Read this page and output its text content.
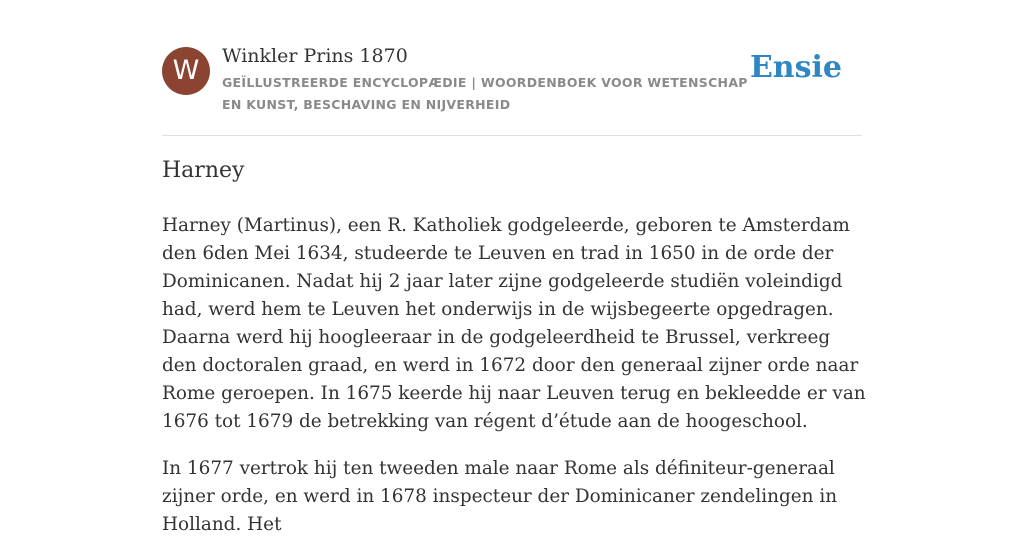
W	Winkler Prins 1870
GEÏLLUSTREERDE ENCYCLOPÆDIE | WOORDENBOEK VOOR WETENSCHAP EN KUNST, BESCHAVING EN NIJVERHEID
Ensie
Harney

Harney (Martinus), een R. Katholiek godgeleerde, geboren te Amsterdam den 6den Mei 1634, studeerde te Leuven en trad in 1650 in de orde der Dominicanen. Nadat hij 2 jaar later zijne godgeleerde studiën voleindigd had, werd hem te Leuven het onderwijs in de wijsbegeerte opgedragen. Daarna werd hij hoogleeraar in de godgeleerdheid te Brussel, verkreeg den doctoralen graad, en werd in 1672 door den generaal zijner orde naar Rome geroepen. In 1675 keerde hij naar Leuven terug en bekleedde er van 1676 tot 1679 de betrekking van régent d’étude aan de hoogeschool.

In 1677 vertrok hij ten tweeden male naar Rome als définiteur-generaal zijner orde, en werd in 1678 inspecteur der Dominicaner zendelingen in Holland. Het
